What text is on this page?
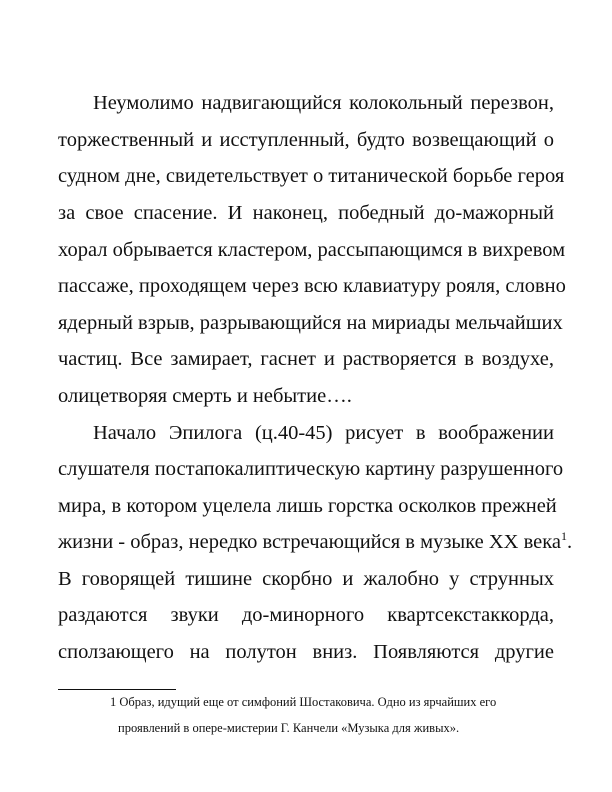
Неумолимо надвигающийся колокольный перезвон,
торжественный и исступленный, будто возвещающий о
судном дне, свидетельствует о титанической борьбе героя
за свое спасение. И наконец, победный до-мажорный
хорал обрывается кластером, рассыпающимся в вихревом
пассаже, проходящем через всю клавиатуру рояля, словно
ядерный взрыв, разрывающийся на мириады мельчайших
частиц. Все замирает, гаснет и растворяется в воздухе,
олицетворяя смерть и небытие….
Начало Эпилога (ц.40-45) рисует в воображении
слушателя постапокалиптическую картину разрушенного
мира, в котором уцелела лишь горстка осколков прежней
жизни - образ, нередко встречающийся в музыке XX века$^1$.
В говорящей тишине скорбно и жалобно у струнных
раздаются звуки до-минорного квартсекстаккорда,
сползающего на полутон вниз. Появляются другие
1 Образ, идущий еще от симфоний Шостаковича. Одно из ярчайших его
проявлений в опере-мистерии Г. Канчели «Музыка для живых».
